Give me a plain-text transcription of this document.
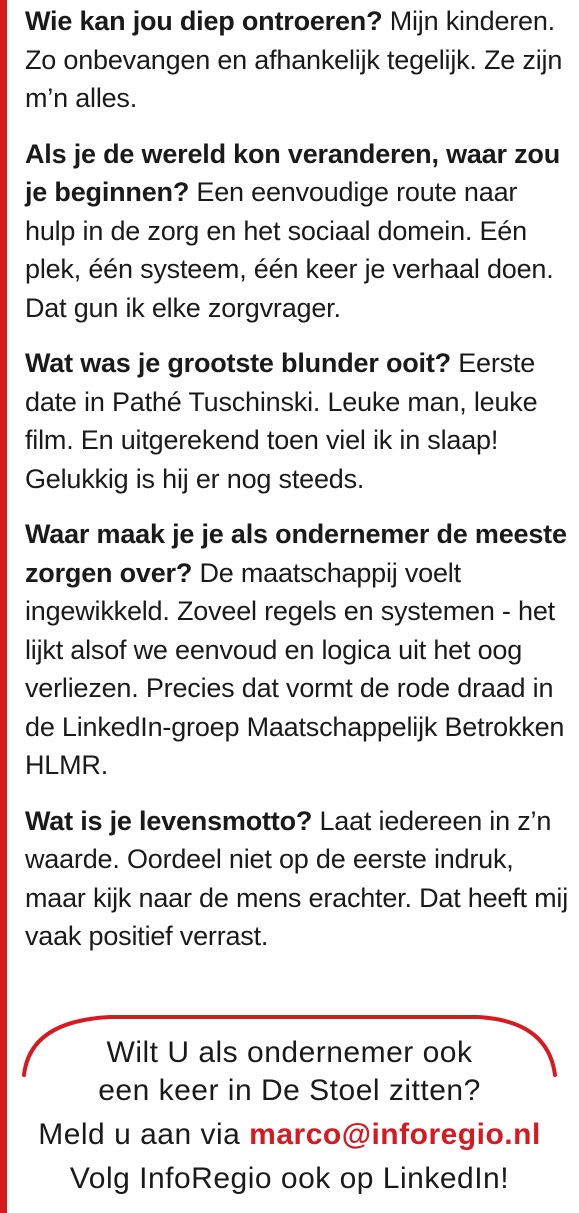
Wie kan jou diep ontroeren? Mijn kinderen. Zo onbevangen en afhankelijk tegelijk. Ze zijn m’n alles.

Als je de wereld kon veranderen, waar zou je beginnen? Een eenvoudige route naar hulp in de zorg en het sociaal domein. Eén plek, één systeem, één keer je verhaal doen. Dat gun ik elke zorgvrager.

Wat was je grootste blunder ooit? Eerste date in Pathé Tuschinski. Leuke man, leuke film. En uitgerekend toen viel ik in slaap! Gelukkig is hij er nog steeds.

Waar maak je je als ondernemer de meeste zorgen over? De maatschappij voelt ingewikkeld. Zoveel regels en systemen - het lijkt alsof we eenvoud en logica uit het oog verliezen. Precies dat vormt de rode draad in de LinkedIn-groep Maatschappelijk Betrokken HLMR.

Wat is je levensmotto? Laat iedereen in z’n waarde. Oordeel niet op de eerste indruk, maar kijk naar de mens erachter. Dat heeft mij vaak positief verrast.

Wilt U als ondernemer ook
een keer in De Stoel zitten?
Meld u aan via marco@inforegio.nl
Volg InfoRegio ook op LinkedIn!
